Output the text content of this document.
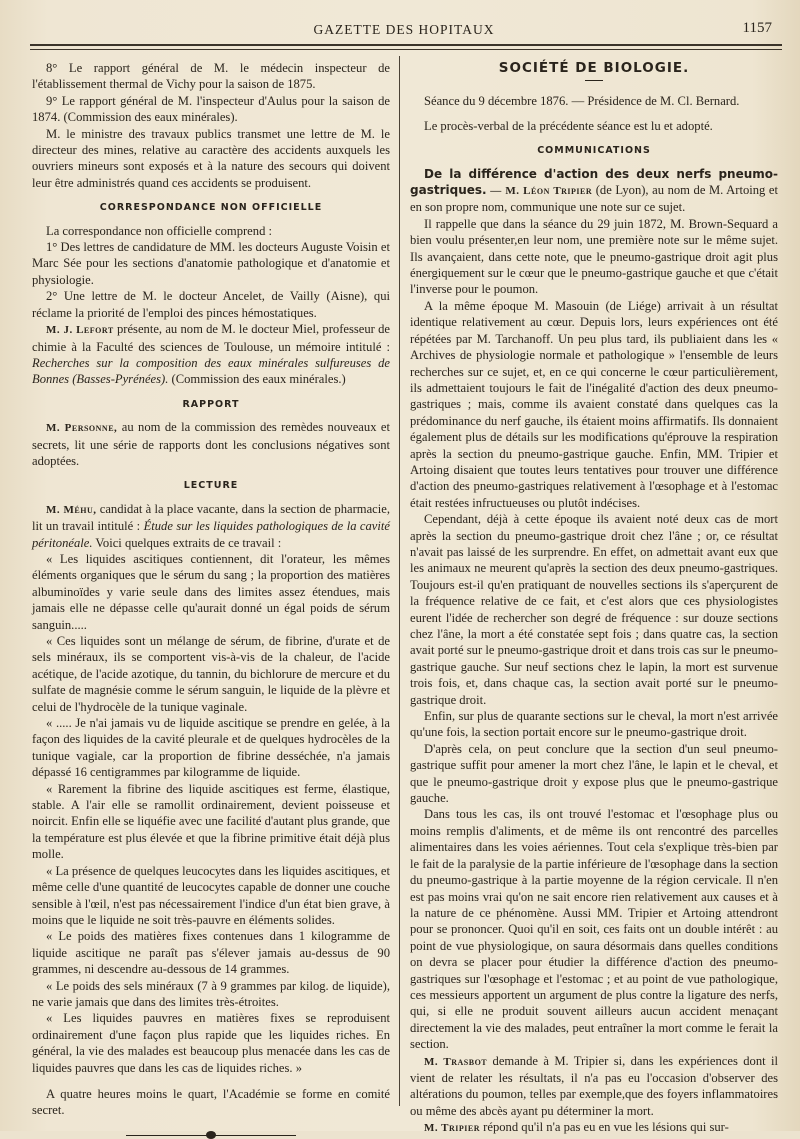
GAZETTE DES HOPITAUX	1157

8° Le rapport général de M. le médecin inspecteur de l'établissement thermal de Vichy pour la saison de 1875.

9° Le rapport général de M. l'inspecteur d'Aulus pour la saison de 1874. (Commission des eaux minérales).

M. le ministre des travaux publics transmet une lettre de M. le directeur des mines, relative au caractère des accidents auxquels les ouvriers mineurs sont exposés et à la nature des secours qui doivent leur être administrés quand ces accidents se produisent.

CORRESPONDANCE NON OFFICIELLE

La correspondance non officielle comprend :

1° Des lettres de candidature de MM. les docteurs Auguste Voisin et Marc Sée pour les sections d'anatomie pathologique et d'anatomie et physiologie.

2° Une lettre de M. le docteur Ancelet, de Vailly (Aisne), qui réclame la priorité de l'emploi des pinces hémostatiques.

M. J. Lefort présente, au nom de M. le docteur Miel, professeur de chimie à la Faculté des sciences de Toulouse, un mémoire intitulé : Recherches sur la composition des eaux minérales sulfureuses de Bonnes (Basses-Pyrénées). (Commission des eaux minérales.)

RAPPORT

M. Personne, au nom de la commission des remèdes nouveaux et secrets, lit une série de rapports dont les conclusions négatives sont adoptées.

LECTURE

M. Méhu, candidat à la place vacante, dans la section de pharmacie, lit un travail intitulé : Étude sur les liquides pathologiques de la cavité péritonéale. Voici quelques extraits de ce travail :

« Les liquides ascitiques contiennent, dit l'orateur, les mêmes éléments organiques que le sérum du sang ; la proportion des matières albuminoïdes y varie seule dans des limites assez étendues, mais jamais elle ne dépasse celle qu'aurait donné un égal poids de sérum sanguin.....

« Ces liquides sont un mélange de sérum, de fibrine, d'urate et de sels minéraux, ils se comportent vis-à-vis de la chaleur, de l'acide acétique, de l'acide azotique, du tannin, du bichlorure de mercure et du sulfate de magnésie comme le sérum sanguin, le liquide de la plèvre et celui de l'hydrocèle de la tunique vaginale.

« ..... Je n'ai jamais vu de liquide ascitique se prendre en gelée, à la façon des liquides de la cavité pleurale et de quelques hydrocèles de la tunique vagiale, car la proportion de fibrine desséchée, n'a jamais dépassé 16 centigrammes par kilogramme de liquide.

« Rarement la fibrine des liquide ascitiques est ferme, élastique, stable. A l'air elle se ramollit ordinairement, devient poisseuse et noircit. Enfin elle se liquéfie avec une facilité d'autant plus grande, que la température est plus élevée et que la fibrine primitive était déjà plus molle.

« La présence de quelques leucocytes dans les liquides ascitiques, et même celle d'une quantité de leucocytes capable de donner une couche sensible à l'œil, n'est pas nécessairement l'indice d'un état bien grave, à moins que le liquide ne soit très-pauvre en éléments solides.

« Le poids des matières fixes contenues dans 1 kilogramme de liquide ascitique ne paraît pas s'élever jamais au-dessus de 90 grammes, ni descendre au-dessous de 14 grammes.

« Le poids des sels minéraux (7 à 9 grammes par kilog. de liquide), ne varie jamais que dans des limites très-étroites.

« Les liquides pauvres en matières fixes se reproduisent ordinairement d'une façon plus rapide que les liquides riches. En général, la vie des malades est beaucoup plus menacée dans les cas de liquides pauvres que dans les cas de liquides riches. »

A quatre heures moins le quart, l'Académie se forme en comité secret.

SOCIÉTÉ DE BIOLOGIE.

Séance du 9 décembre 1876. — Présidence de M. Cl. Bernard.

Le procès-verbal de la précédente séance est lu et adopté.

COMMUNICATIONS

De la différence d'action des deux nerfs pneumo-gastriques. — M. Léon Tripier (de Lyon), au nom de M. Artoing et en son propre nom, communique une note sur ce sujet.

Il rappelle que dans la séance du 29 juin 1872, M. Brown-Sequard a bien voulu présenter,en leur nom, une première note sur le même sujet. Ils avançaient, dans cette note, que le pneumo-gastrique droit agit plus énergiquement sur le cœur que le pneumo-gastrique gauche et que c'était l'inverse pour le poumon.

A la même époque M. Masouin (de Liége) arrivait à un résultat identique relativement au cœur. Depuis lors, leurs expériences ont été répétées par M. Tarchanoff. Un peu plus tard, ils publiaient dans les « Archives de physiologie normale et pathologique » l'ensemble de leurs recherches sur ce sujet, et, en ce qui concerne le cœur particulièrement, ils admettaient toujours le fait de l'inégalité d'action des deux pneumo-gastriques ; mais, comme ils avaient constaté dans quelques cas la prédominance du nerf gauche, ils étaient moins affirmatifs. Ils donnaient également plus de détails sur les modifications qu'éprouve la respiration après la section du pneumo-gastrique gauche. Enfin, MM. Tripier et Artoing disaient que toutes leurs tentatives pour trouver une différence d'action des pneumo-gastriques relativement à l'œsophage et à l'estomac était restées infructueuses ou plutôt indécises.

Cependant, déjà à cette époque ils avaient noté deux cas de mort après la section du pneumo-gastrique droit chez l'âne ; or, ce résultat n'avait pas laissé de les surprendre. En effet, on admettait avant eux que les animaux ne meurent qu'après la section des deux pneumo-gastriques. Toujours est-il qu'en pratiquant de nouvelles sections ils s'aperçurent de la fréquence relative de ce fait, et c'est alors que ces physiologistes eurent l'idée de rechercher son degré de fréquence : sur douze sections chez l'âne, la mort a été constatée sept fois ; dans quatre cas, la section avait porté sur le pneumo-gastrique droit et dans trois cas sur le pneumo-gastrique gauche. Sur neuf sections chez le lapin, la mort est survenue trois fois, et, dans chaque cas, la section avait porté sur le pneumo-gastrique droit.

Enfin, sur plus de quarante sections sur le cheval, la mort n'est arrivée qu'une fois, la section portait encore sur le pneumo-gastrique droit.

D'après cela, on peut conclure que la section d'un seul pneumo-gastrique suffit pour amener la mort chez l'âne, le lapin et le cheval, et que le pneumo-gastrique droit y expose plus que le pneumo-gastrique gauche.

Dans tous les cas, ils ont trouvé l'estomac et l'œsophage plus ou moins remplis d'aliments, et de même ils ont rencontré des parcelles alimentaires dans les voies aériennes. Tout cela s'explique très-bien par le fait de la paralysie de la partie inférieure de l'œsophage dans la section du pneumo-gastrique à la partie moyenne de la région cervicale. Il n'en est pas moins vrai qu'on ne sait encore rien relativement aux causes et à la nature de ce phénomène. Aussi MM. Tripier et Artoing attendront pour se prononcer. Quoi qu'il en soit, ces faits ont un double intérêt : au point de vue physiologique, on saura désormais dans quelles conditions on devra se placer pour étudier la différence d'action des pneumo-gastriques sur l'œsophage et l'estomac ; et au point de vue pathologique, ces messieurs apportent un argument de plus contre la ligature des nerfs, qui, si elle ne produit souvent ailleurs aucun accident menaçant directement la vie des malades, peut entraîner la mort comme le ferait la section.

M. Trasbot demande à M. Tripier si, dans les expériences dont il vient de relater les résultats, il n'a pas eu l'occasion d'observer des altérations du poumon, telles par exemple,que des foyers inflammatoires ou même des abcès ayant pu déterminer la mort.

M. Tripier répond qu'il n'a pas eu en vue les lésions qui sur-
